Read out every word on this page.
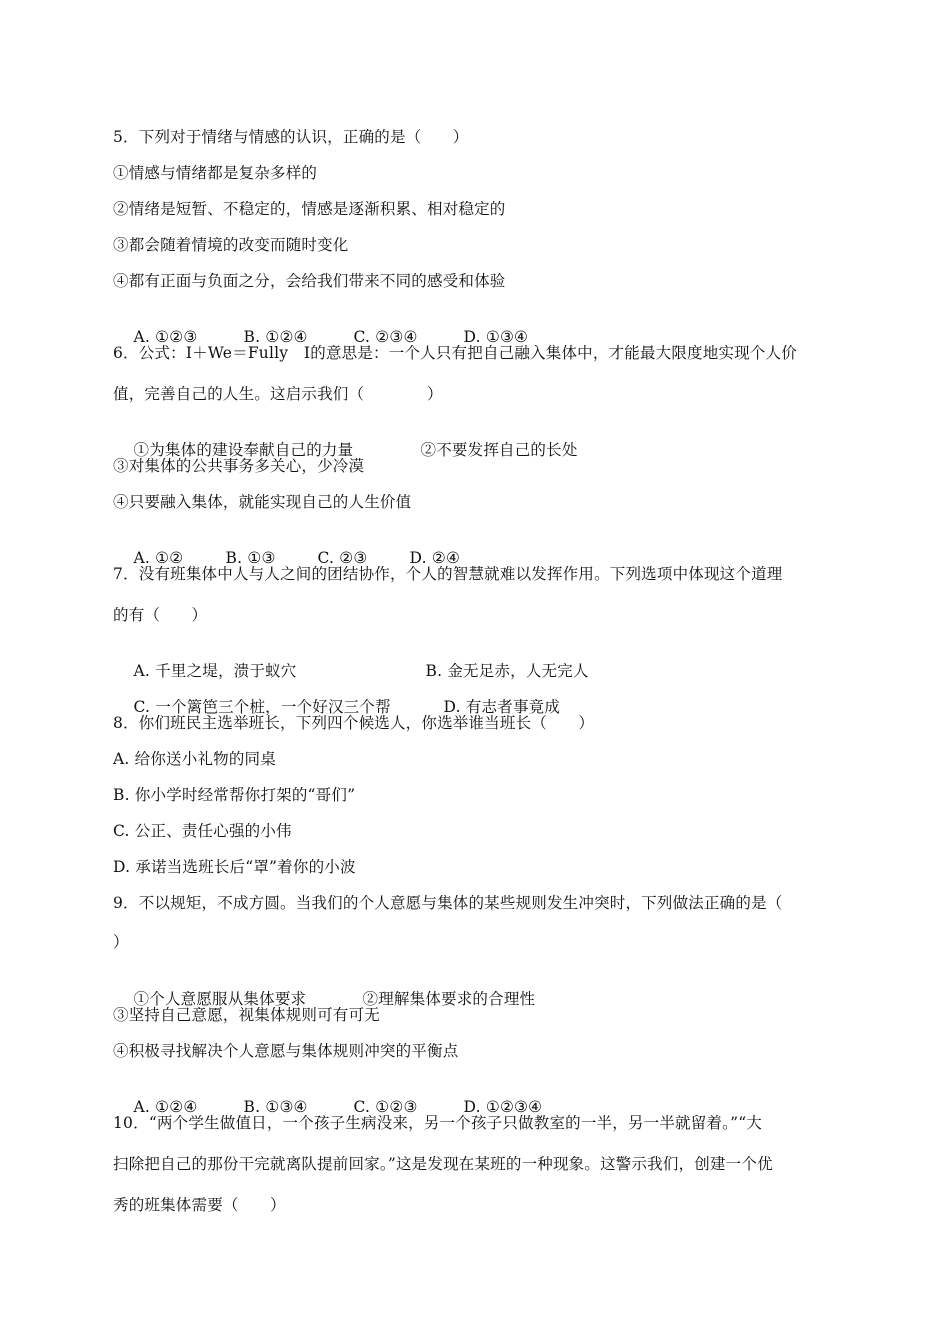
5．下列对于情绪与情感的认识，正确的是（　　）
①情感与情绪都是复杂多样的
②情绪是短暂、不稳定的，情感是逐渐积累、相对稳定的
③都会随着情境的改变而随时变化
④都有正面与负面之分，会给我们带来不同的感受和体验

A. ①②③	B. ①②④	C. ②③④	D. ①③④

6．公式：I＋We＝Fully　I的意思是：一个人只有把自己融入集体中，才能最大限度地实现个人价
值，完善自己的人生。这启示我们（　　　　）

①为集体的建设奉献自己的力量	②不要发挥自己的长处

③对集体的公共事务多关心，少冷漠
④只要融入集体，就能实现自己的人生价值

A. ①②	B. ①③	C. ②③	D. ②④

7．没有班集体中人与人之间的团结协作，个人的智慧就难以发挥作用。下列选项中体现这个道理
的有（　　）

A. 千里之堤，溃于蚁穴	B. 金无足赤，人无完人

C. 一个篱笆三个桩，一个好汉三个帮	D. 有志者事竟成

8．你们班民主选举班长，下列四个候选人，你选举谁当班长（　　）
A. 给你送小礼物的同桌
B. 你小学时经常帮你打架的“哥们”
C. 公正、责任心强的小伟
D. 承诺当选班长后“罩”着你的小波
9．不以规矩，不成方圆。当我们的个人意愿与集体的某些规则发生冲突时，下列做法正确的是（
）

①个人意愿服从集体要求	②理解集体要求的合理性

③坚持自己意愿，视集体规则可有可无
④积极寻找解决个人意愿与集体规则冲突的平衡点

A. ①②④	B. ①③④	C. ①②③	D. ①②③④

10．“两个学生做值日，一个孩子生病没来，另一个孩子只做教室的一半，另一半就留着。”“大
扫除把自己的那份干完就离队提前回家。”这是发现在某班的一种现象。这警示我们，创建一个优
秀的班集体需要（　　）
